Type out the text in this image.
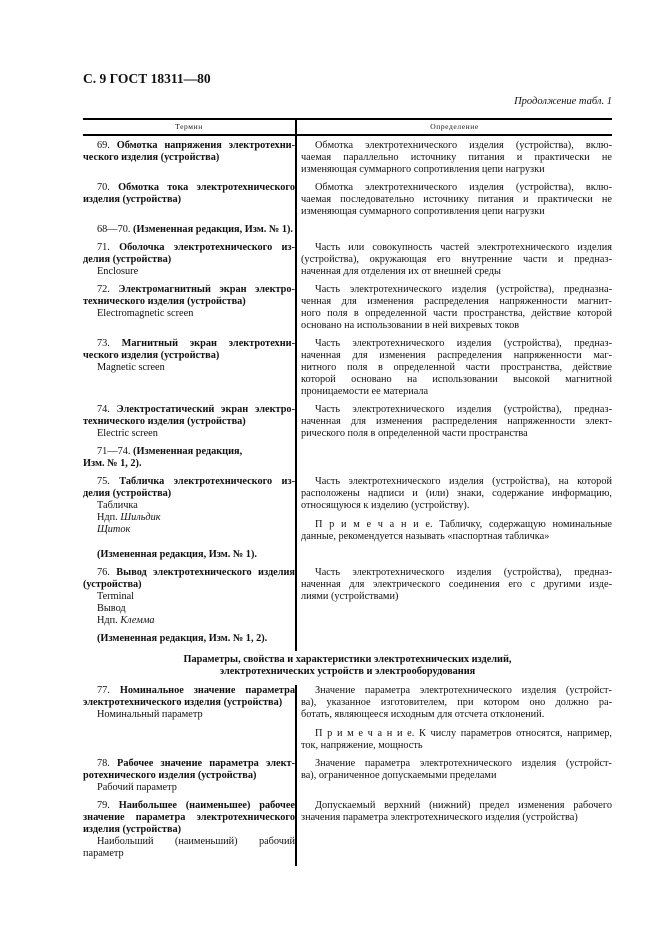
С. 9 ГОСТ 18311—80
Продолжение табл. 1
Термин	Определение
69. Обмотка напряжения электротехни-
ческого изделия (устройства)
Обмотка электротехнического изделия (устройства), вклю-
чаемая параллельно источнику питания и практически не
изменяющая суммарного сопротивления цепи нагрузки
70. Обмотка тока электротехнического
изделия (устройства)
Обмотка электротехнического изделия (устройства), вклю-
чаемая последовательно источнику питания и практически не
изменяющая суммарного сопротивления цепи нагрузки
68—70. (Измененная редакция, Изм. № 1).
71. Оболочка электротехнического из-
делия (устройства)
Enclosure
Часть или совокупность частей электротехнического изделия
(устройства), окружающая его внутренние части и предназ-
наченная для отделения их от внешней среды
72. Электромагнитный экран электро-
технического изделия (устройства)
Electromagnetic screen
Часть электротехнического изделия (устройства), предназна-
ченная для изменения распределения напряженности магнит-
ного поля в определенной части пространства, действие которой
основано на использовании в ней вихревых токов
73. Магнитный экран электротехни-
ческого изделия (устройства)
Magnetic screen
Часть электротехнического изделия (устройства), предназ-
наченная для изменения распределения напряженности маг-
нитного поля в определенной части пространства, действие
которой основано на использовании высокой магнитной
проницаемости ее материала
74. Электростатический экран электро-
технического изделия (устройства)
Electric screen
Часть электротехнического изделия (устройства), предназ-
наченная для изменения распределения напряженности элект-
рического поля в определенной части пространства
71—74. (Измененная редакция,
Изм. № 1, 2).
75. Табличка электротехнического из-
делия (устройства)
Табличка
Ндп. Шильдик
Щиток
Часть электротехнического изделия (устройства), на которой
расположены надписи и (или) знаки, содержание информацию,
относящуюся к изделию (устройству).
П р и м е ч а н и е. Табличку, содержащую номинальные
данные, рекомендуется называть «паспортная табличка»
(Измененная редакция, Изм. № 1).
76. Вывод электротехнического изделия
(устройства)
Terminal
Вывод
Ндп. Клемма
Часть электротехнического изделия (устройства), предназ-
наченная для электрического соединения его с другими изде-
лиями (устройствами)
(Измененная редакция, Изм. № 1, 2).
Параметры, свойства и характеристики электротехнических изделий,
электротехнических устройств и электрооборудования
77. Номинальное значение параметра
электротехнического изделия (устройства)
Номинальный параметр
Значение параметра электротехнического изделия (устройст-
ва), указанное изготовителем, при котором оно должно ра-
ботать, являющееся исходным для отсчета отклонений.
П р и м е ч а н и е. К числу параметров относятся, например,
ток, напряжение, мощность
78. Рабочее значение параметра элект-
ротехнического изделия (устройства)
Рабочий параметр
Значение параметра электротехнического изделия (устройст-
ва), ограниченное допускаемыми пределами
79. Наибольшее (наименьшее) рабочее
значение параметра электротехнического
изделия (устройства)
Наибольший (наименьший) рабочий
параметр
Допускаемый верхний (нижний) предел изменения рабочего
значения параметра электротехнического изделия (устройства)
